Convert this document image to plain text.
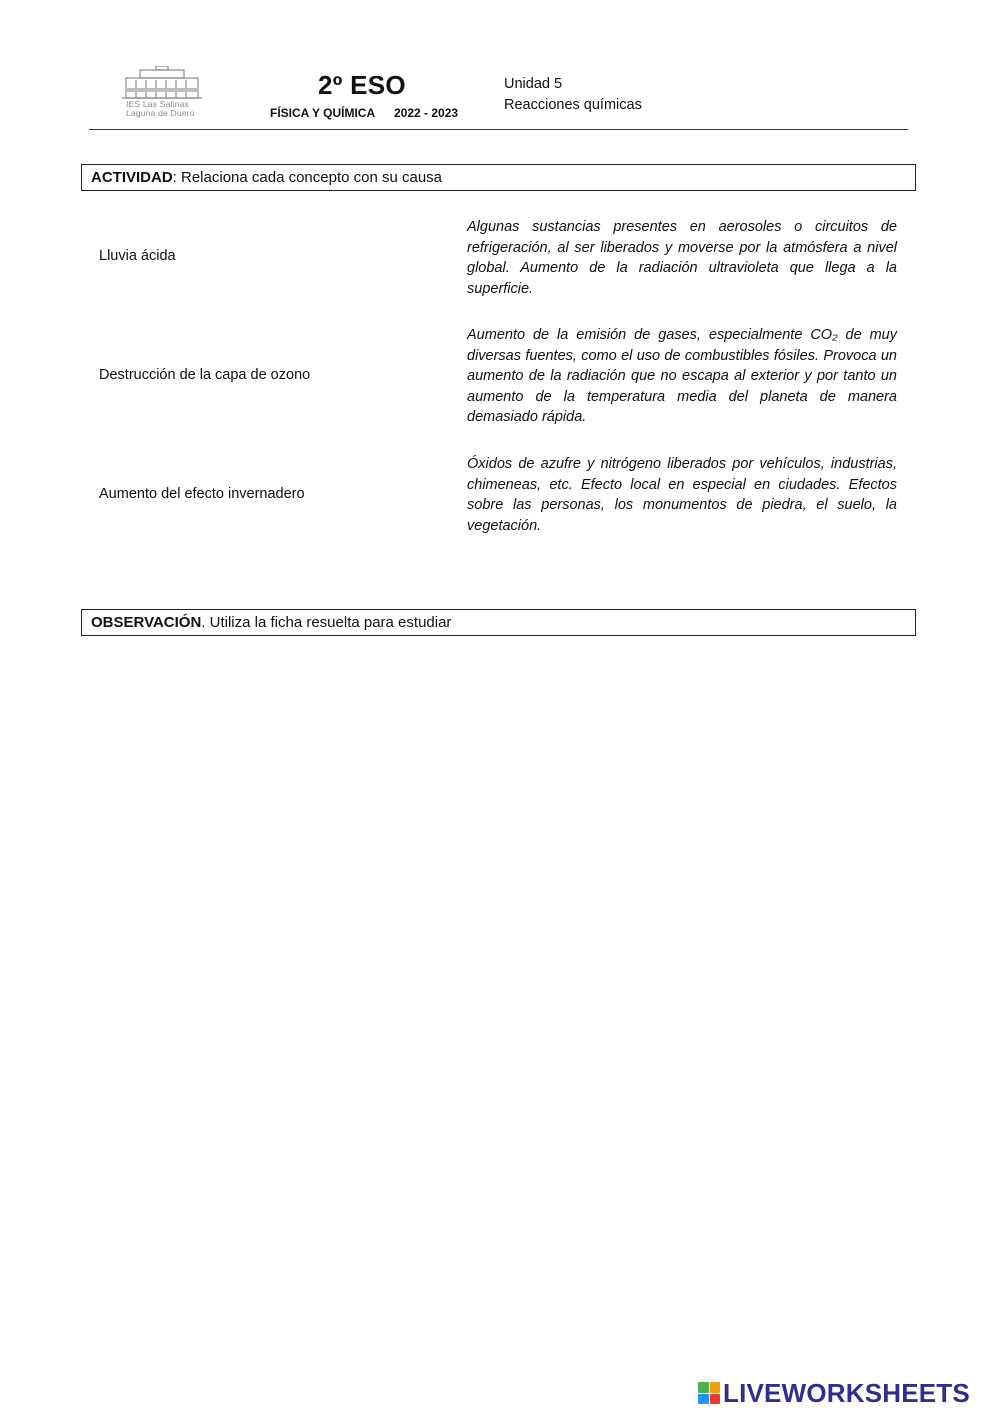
IES Las Salinas
Laguna de Duero
2º ESO
FÍSICA Y QUÍMICA 2022 - 2023
Unidad 5
Reacciones químicas
ACTIVIDAD: Relaciona cada concepto con su causa
Lluvia ácida
Destrucción de la capa de ozono
Aumento del efecto invernadero
Algunas sustancias presentes en aerosoles o circuitos de refrigeración, al ser liberados y moverse por la atmósfera a nivel global. Aumento de la radiación ultravioleta que llega a la superficie.
Aumento de la emisión de gases, especialmente CO₂ de muy diversas fuentes, como el uso de combustibles fósiles. Provoca un aumento de la radiación que no escapa al exterior y por tanto un aumento de la temperatura media del planeta de manera demasiado rápida.
Óxidos de azufre y nitrógeno liberados por vehículos, industrias, chimeneas, etc. Efecto local en especial en ciudades. Efectos sobre las personas, los monumentos de piedra, el suelo, la vegetación.
OBSERVACIÓN. Utiliza la ficha resuelta para estudiar
LIVEWORKSHEETS
